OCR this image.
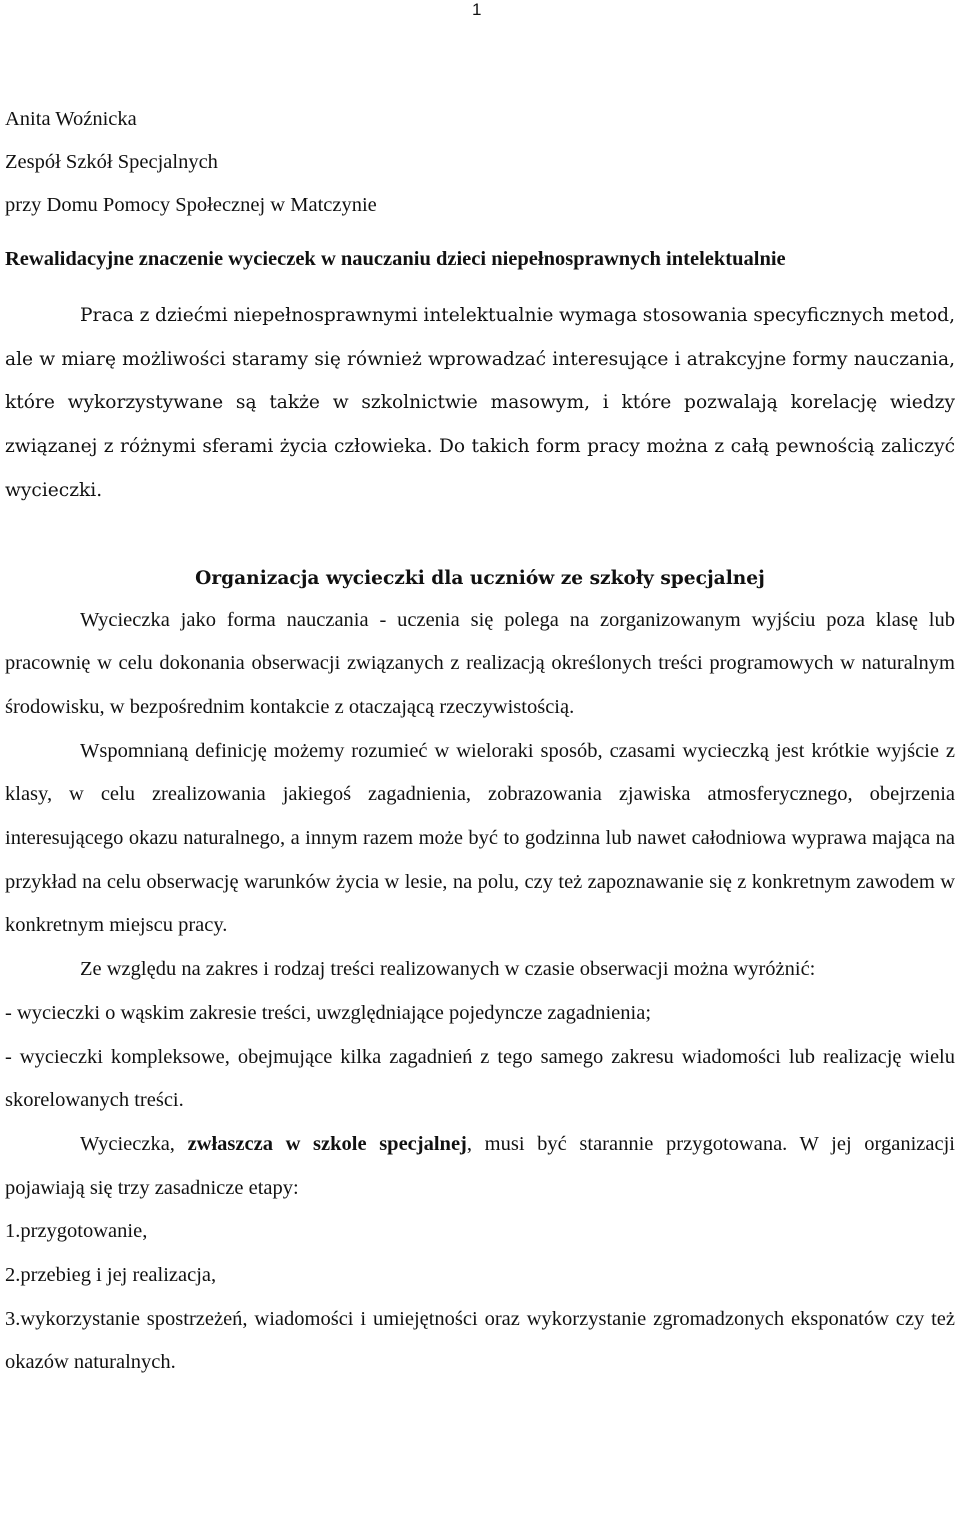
1

Anita Woźnicka

Zespół Szkół Specjalnych

przy Domu Pomocy Społecznej w Matczynie

Rewalidacyjne znaczenie wycieczek w nauczaniu dzieci niepełnosprawnych intelektualnie

Praca z dziećmi niepełnosprawnymi intelektualnie wymaga stosowania specyficznych metod, ale w miarę możliwości staramy się również wprowadzać interesujące i atrakcyjne formy nauczania, które wykorzystywane są także w szkolnictwie masowym, i które pozwalają korelację wiedzy związanej z różnymi sferami życia człowieka. Do takich form pracy można z całą pewnością zaliczyć wycieczki.

Organizacja wycieczki dla uczniów ze szkoły specjalnej

Wycieczka jako forma nauczania - uczenia się polega na zorganizowanym wyjściu poza klasę lub pracownię w celu dokonania obserwacji związanych z realizacją określonych treści programowych w naturalnym środowisku, w bezpośrednim kontakcie z otaczającą rzeczywistością.

Wspomnianą definicję możemy rozumieć w wieloraki sposób, czasami wycieczką jest krótkie wyjście z klasy, w celu zrealizowania jakiegoś zagadnienia, zobrazowania zjawiska atmosferycznego, obejrzenia interesującego okazu naturalnego, a innym razem może być to godzinna lub nawet całodniowa wyprawa mająca na przykład na celu obserwację warunków życia w lesie, na polu, czy też zapoznawanie się z konkretnym zawodem w konkretnym miejscu pracy.

Ze względu na zakres i rodzaj treści realizowanych w czasie obserwacji można wyróżnić:

- wycieczki o wąskim zakresie treści, uwzględniające pojedyncze zagadnienia;

- wycieczki kompleksowe, obejmujące kilka zagadnień z tego samego zakresu wiadomości lub realizację wielu skorelowanych treści.

Wycieczka, zwłaszcza w szkole specjalnej, musi być starannie przygotowana. W jej organizacji pojawiają się trzy zasadnicze etapy:

1.przygotowanie,

2.przebieg i jej realizacja,

3.wykorzystanie spostrzeżeń, wiadomości i umiejętności oraz wykorzystanie zgromadzonych eksponatów czy też okazów naturalnych.
